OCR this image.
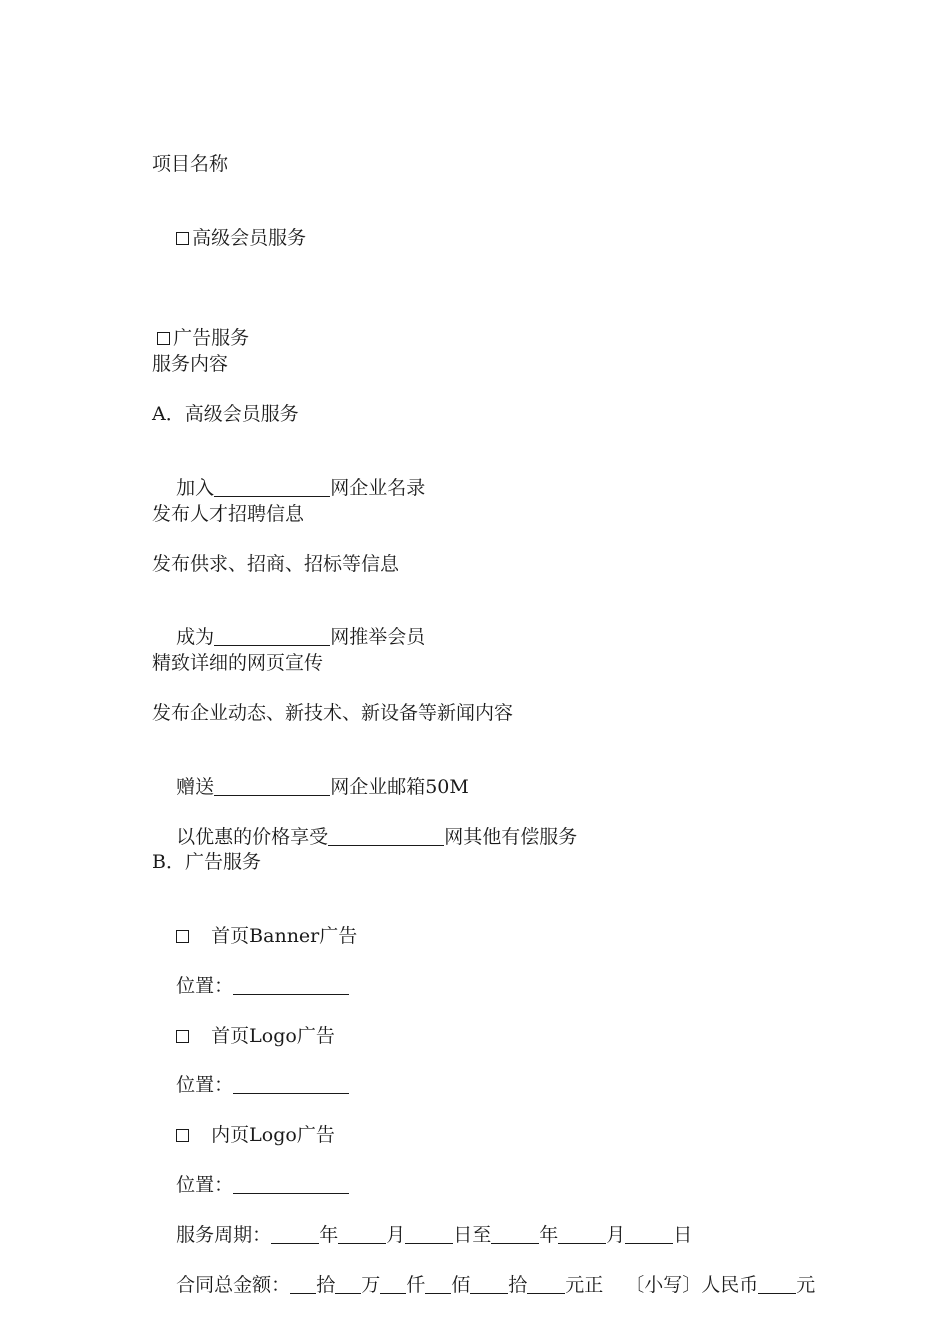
项目名称

高级会员服务

广告服务

服务内容
A．高级会员服务

加入	网企业名录

发布人才招聘信息
发布供求、招商、招标等信息

成为	网推举会员

精致详细的网页宣传
发布企业动态、新技术、新设备等新闻内容

赠送	网企业邮箱50M

以优惠的价格享受	网其他有偿服务

B．广告服务

首页Banner广告

位置：

首页Logo广告

位置：

内页Logo广告

位置：

服务周期：	年	月	日至	年	月	日

合同总金额： 拾 万 仟 佰 拾 元正 〔小写〕人民币 元
